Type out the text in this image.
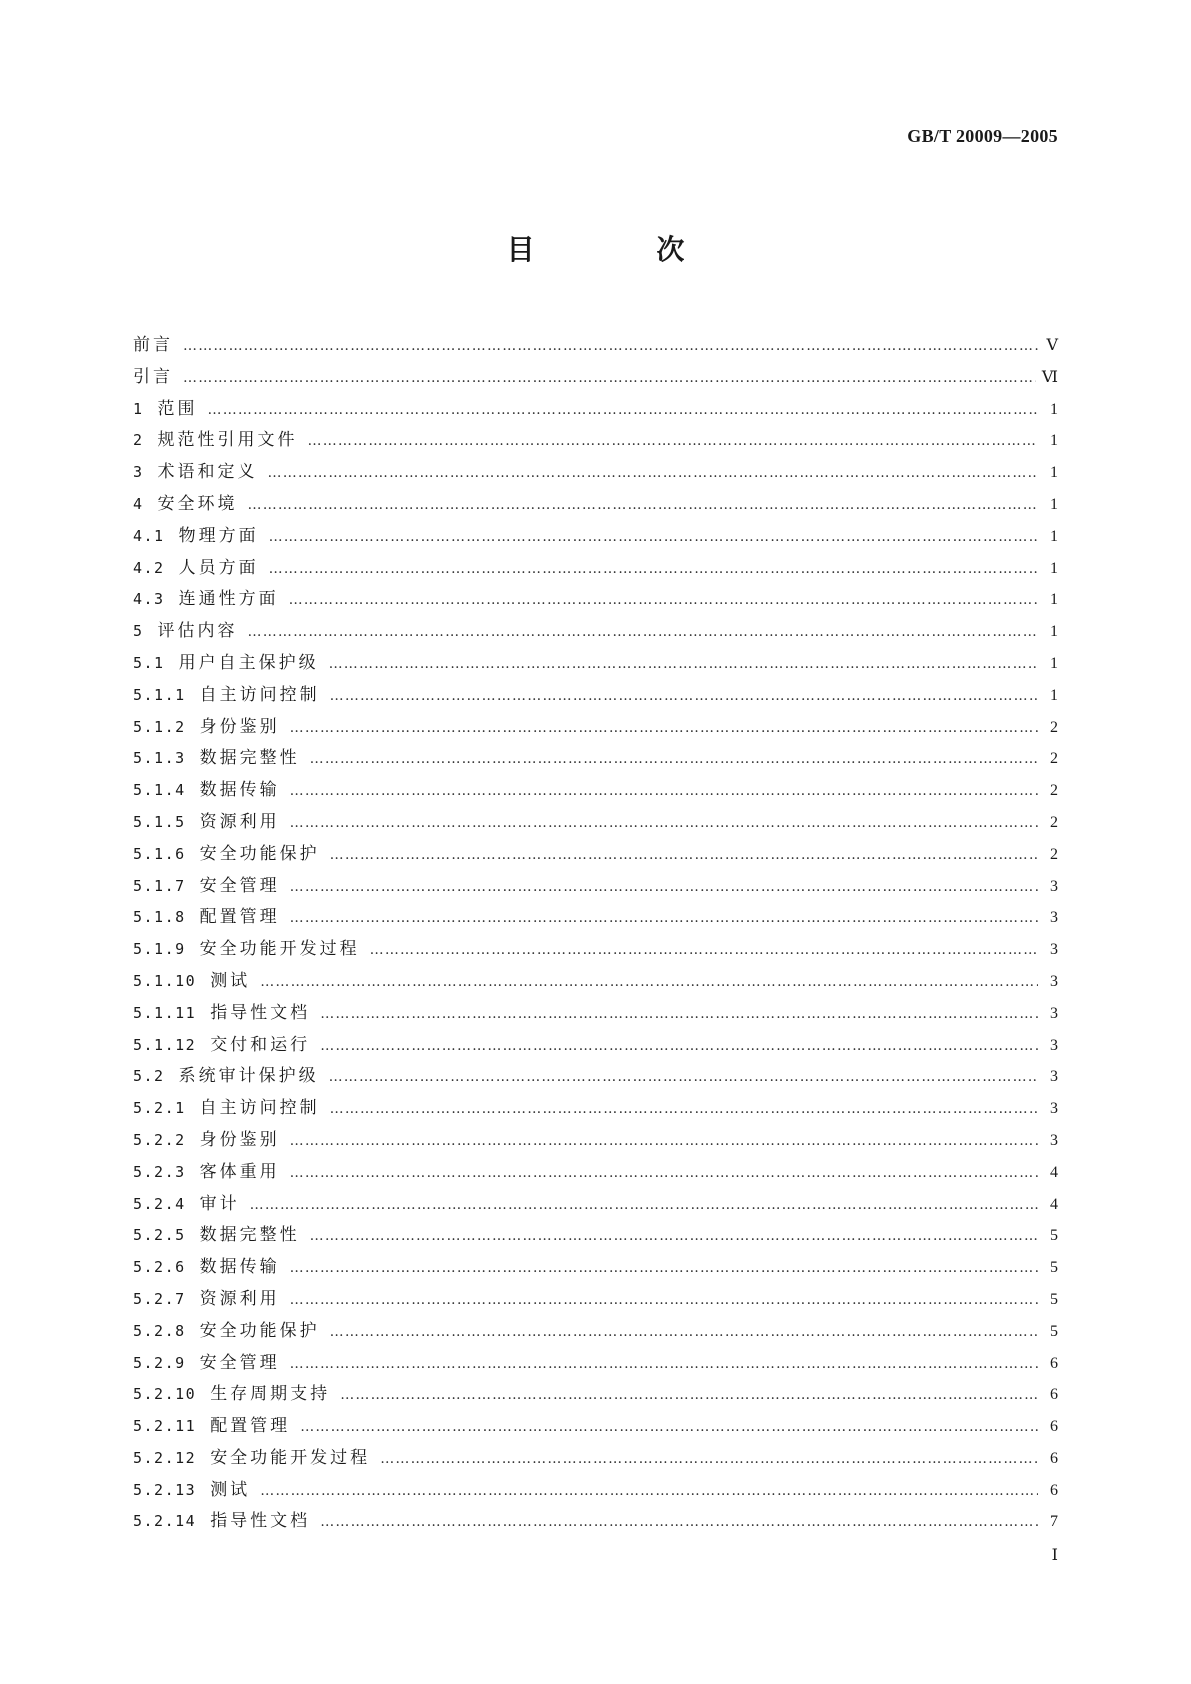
GB/T 20009—2005
目 次
前言 …………………………………………………………………………………………………………………………………………………………………………………………………………………………	Ⅴ
引言 …………………………………………………………………………………………………………………………………………………………………………………………………………………………	Ⅵ
1 范围 …………………………………………………………………………………………………………………………………………………………………………………………………………………………	1
2 规范性引用文件 …………………………………………………………………………………………………………………………………………………………………………………………………………………………	1
3 术语和定义 …………………………………………………………………………………………………………………………………………………………………………………………………………………………	1
4 安全环境 …………………………………………………………………………………………………………………………………………………………………………………………………………………………	1
4.1 物理方面 …………………………………………………………………………………………………………………………………………………………………………………………………………………………	1
4.2 人员方面 …………………………………………………………………………………………………………………………………………………………………………………………………………………………	1
4.3 连通性方面 …………………………………………………………………………………………………………………………………………………………………………………………………………………………	1
5 评估内容 …………………………………………………………………………………………………………………………………………………………………………………………………………………………	1
5.1 用户自主保护级 …………………………………………………………………………………………………………………………………………………………………………………………………………………………	1
5.1.1 自主访问控制 …………………………………………………………………………………………………………………………………………………………………………………………………………………………	1
5.1.2 身份鉴别 …………………………………………………………………………………………………………………………………………………………………………………………………………………………	2
5.1.3 数据完整性 …………………………………………………………………………………………………………………………………………………………………………………………………………………………	2
5.1.4 数据传输 …………………………………………………………………………………………………………………………………………………………………………………………………………………………	2
5.1.5 资源利用 …………………………………………………………………………………………………………………………………………………………………………………………………………………………	2
5.1.6 安全功能保护 …………………………………………………………………………………………………………………………………………………………………………………………………………………………	2
5.1.7 安全管理 …………………………………………………………………………………………………………………………………………………………………………………………………………………………	3
5.1.8 配置管理 …………………………………………………………………………………………………………………………………………………………………………………………………………………………	3
5.1.9 安全功能开发过程 …………………………………………………………………………………………………………………………………………………………………………………………………………………………	3
5.1.10 测试 …………………………………………………………………………………………………………………………………………………………………………………………………………………………	3
5.1.11 指导性文档 …………………………………………………………………………………………………………………………………………………………………………………………………………………………	3
5.1.12 交付和运行 …………………………………………………………………………………………………………………………………………………………………………………………………………………………	3
5.2 系统审计保护级 …………………………………………………………………………………………………………………………………………………………………………………………………………………………	3
5.2.1 自主访问控制 …………………………………………………………………………………………………………………………………………………………………………………………………………………………	3
5.2.2 身份鉴别 …………………………………………………………………………………………………………………………………………………………………………………………………………………………	3
5.2.3 客体重用 …………………………………………………………………………………………………………………………………………………………………………………………………………………………	4
5.2.4 审计 …………………………………………………………………………………………………………………………………………………………………………………………………………………………	4
5.2.5 数据完整性 …………………………………………………………………………………………………………………………………………………………………………………………………………………………	5
5.2.6 数据传输 …………………………………………………………………………………………………………………………………………………………………………………………………………………………	5
5.2.7 资源利用 …………………………………………………………………………………………………………………………………………………………………………………………………………………………	5
5.2.8 安全功能保护 …………………………………………………………………………………………………………………………………………………………………………………………………………………………	5
5.2.9 安全管理 …………………………………………………………………………………………………………………………………………………………………………………………………………………………	6
5.2.10 生存周期支持 …………………………………………………………………………………………………………………………………………………………………………………………………………………………	6
5.2.11 配置管理 …………………………………………………………………………………………………………………………………………………………………………………………………………………………	6
5.2.12 安全功能开发过程 …………………………………………………………………………………………………………………………………………………………………………………………………………………………	6
5.2.13 测试 …………………………………………………………………………………………………………………………………………………………………………………………………………………………	6
5.2.14 指导性文档 …………………………………………………………………………………………………………………………………………………………………………………………………………………………	7
Ⅰ
